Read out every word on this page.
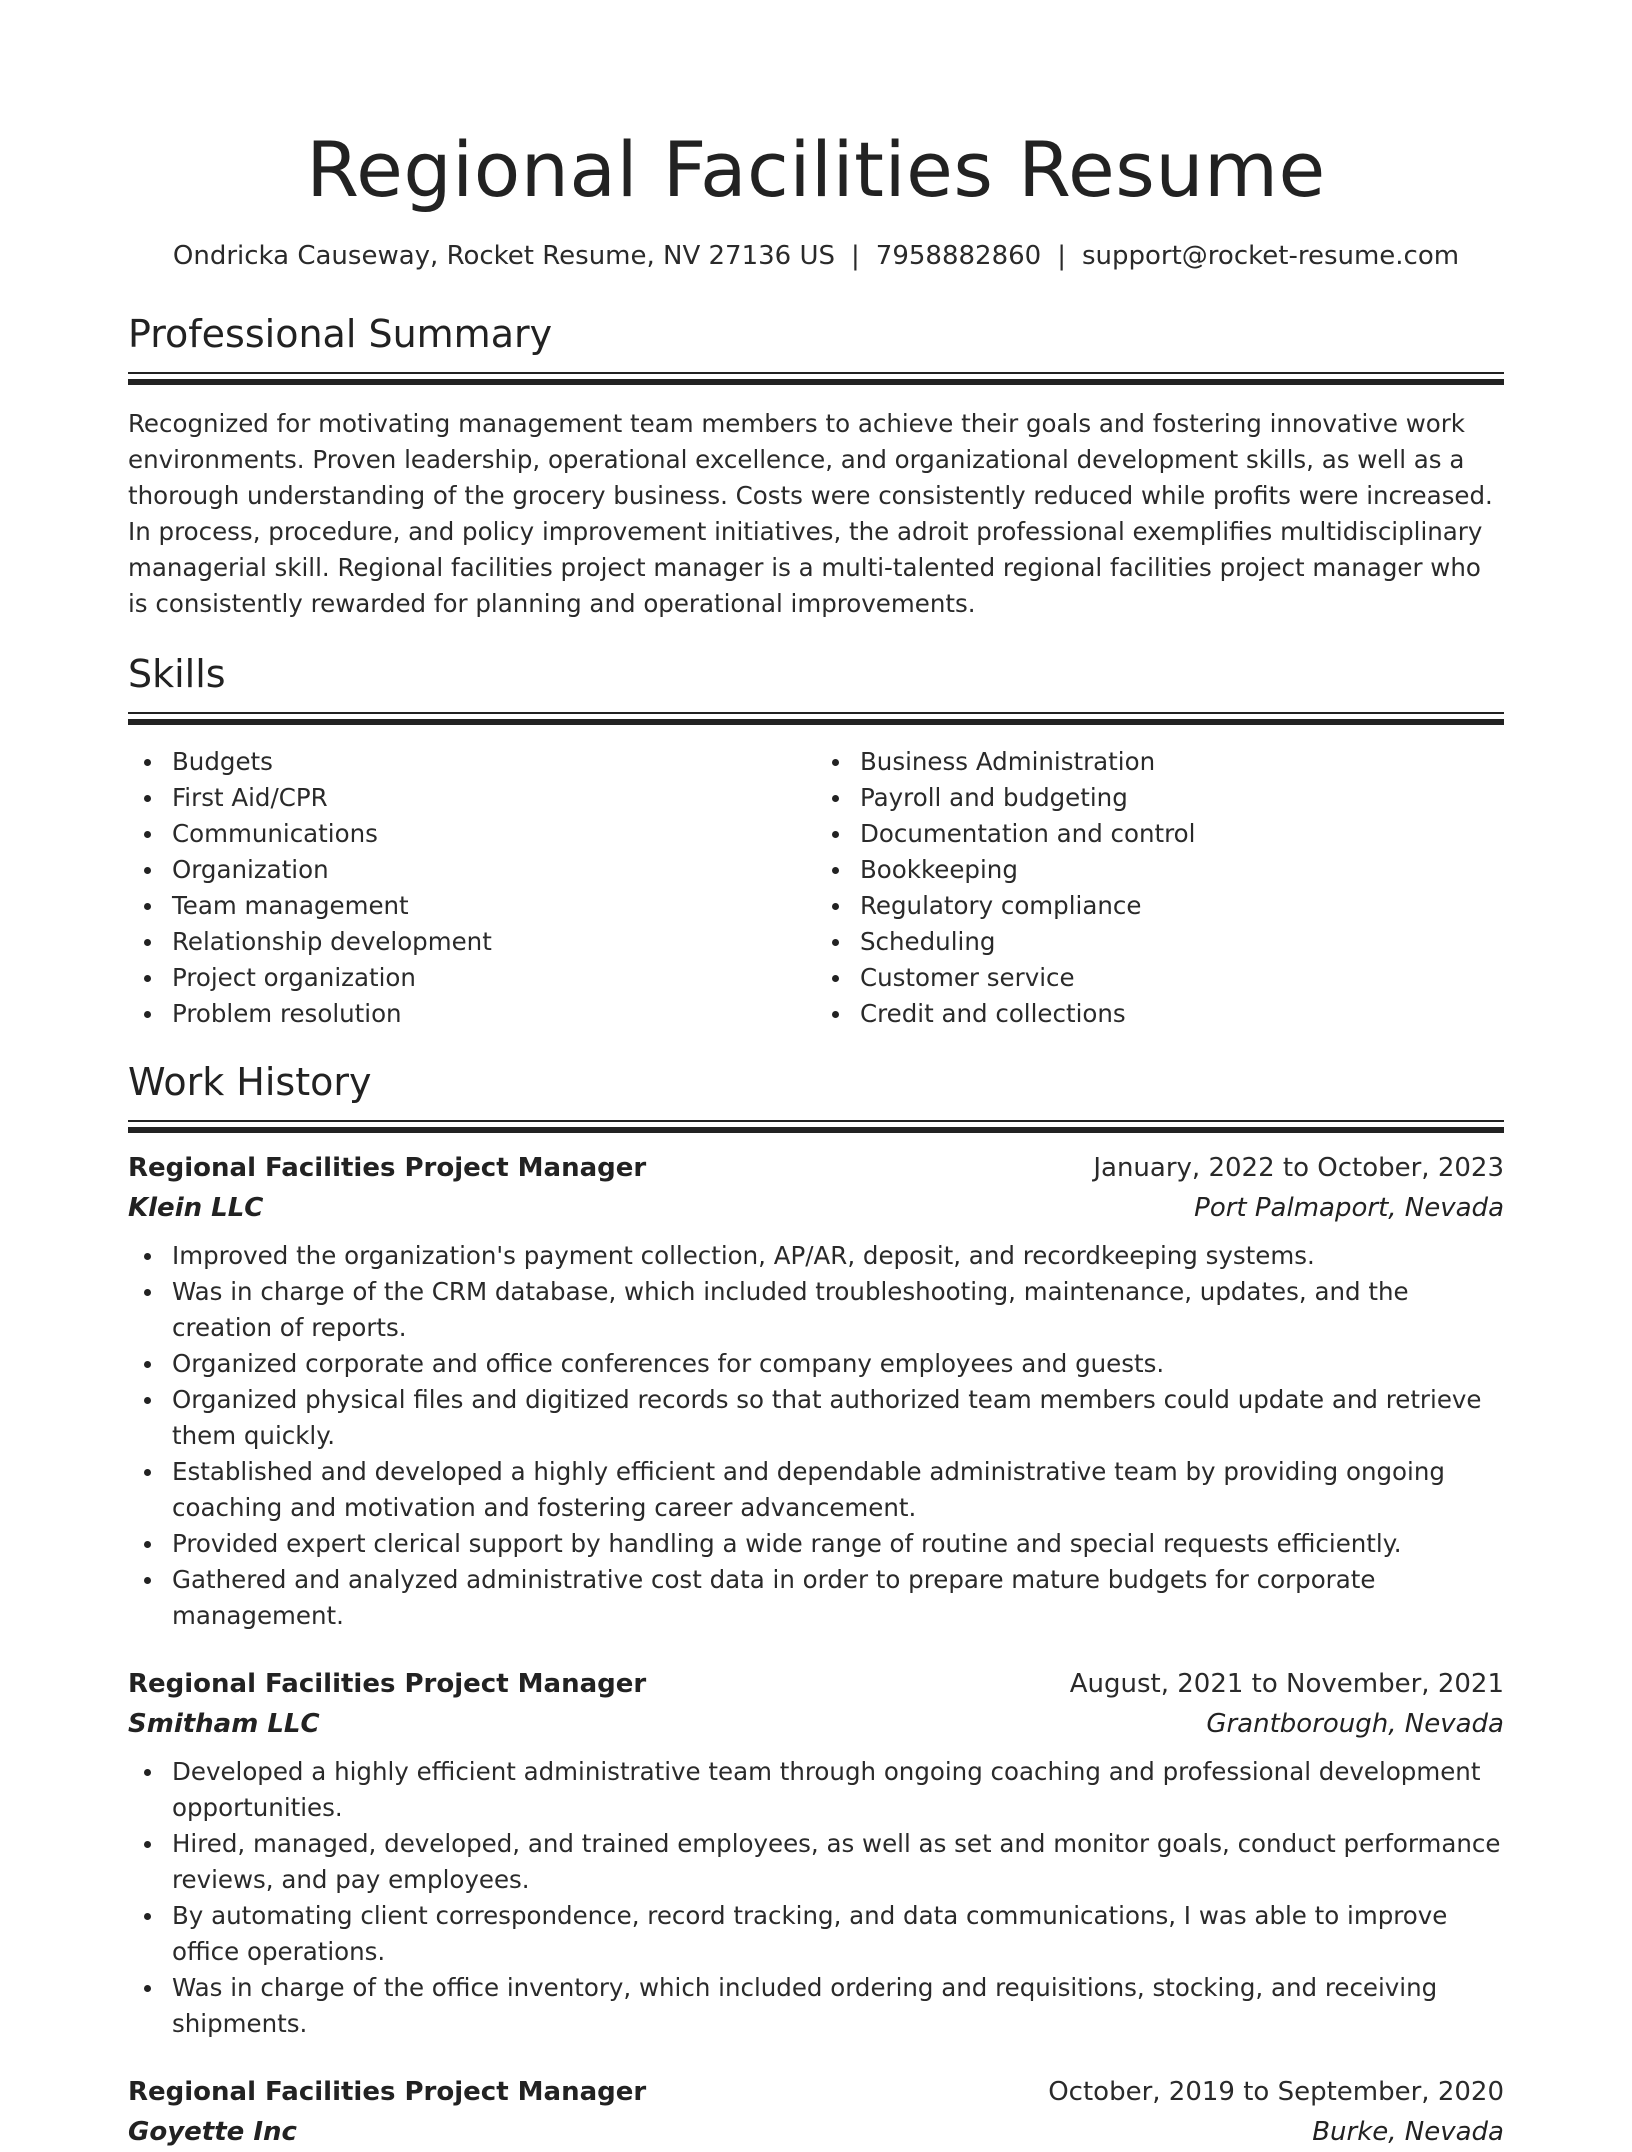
Regional Facilities Resume
Ondricka Causeway, Rocket Resume, NV 27136 US | 7958882860 | support@rocket-resume.com
Professional Summary

Recognized for motivating management team members to achieve their goals and fostering innovative work environments. Proven leadership, operational excellence, and organizational development skills, as well as a thorough understanding of the grocery business. Costs were consistently reduced while profits were increased. In process, procedure, and policy improvement initiatives, the adroit professional exemplifies multidisciplinary managerial skill. Regional facilities project manager is a multi-talented regional facilities project manager who is consistently rewarded for planning and operational improvements.

Skills
Budgets
First Aid/CPR
Communications
Organization
Team management
Relationship development
Project organization
Problem resolution
Business Administration
Payroll and budgeting
Documentation and control
Bookkeeping
Regulatory compliance
Scheduling
Customer service
Credit and collections
Work History
Regional Facilities Project Manager	January, 2022 to October, 2023
Klein LLC	Port Palmaport, Nevada
Improved the organization's payment collection, AP/AR, deposit, and recordkeeping systems.
Was in charge of the CRM database, which included troubleshooting, maintenance, updates, and the creation of reports.
Organized corporate and office conferences for company employees and guests.
Organized physical files and digitized records so that authorized team members could update and retrieve them quickly.
Established and developed a highly efficient and dependable administrative team by providing ongoing coaching and motivation and fostering career advancement.
Provided expert clerical support by handling a wide range of routine and special requests efficiently.
Gathered and analyzed administrative cost data in order to prepare mature budgets for corporate management.
Regional Facilities Project Manager	August, 2021 to November, 2021
Smitham LLC	Grantborough, Nevada
Developed a highly efficient administrative team through ongoing coaching and professional development opportunities.
Hired, managed, developed, and trained employees, as well as set and monitor goals, conduct performance reviews, and pay employees.
By automating client correspondence, record tracking, and data communications, I was able to improve office operations.
Was in charge of the office inventory, which included ordering and requisitions, stocking, and receiving shipments.
Regional Facilities Project Manager	October, 2019 to September, 2020
Goyette Inc	Burke, Nevada
